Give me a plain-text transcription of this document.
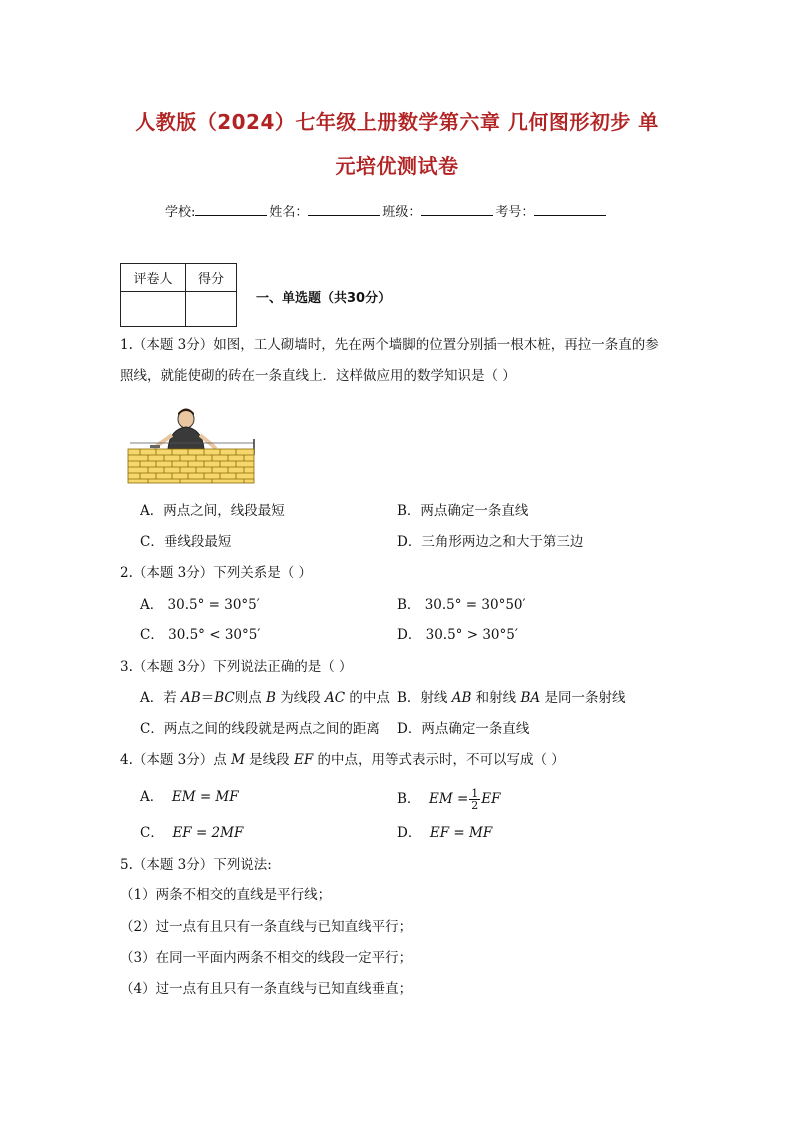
人教版（2024）七年级上册数学第六章 几何图形初步 单
元培优测试卷
学校:	姓名：	班级：	考号：
评卷人	得分

一、单选题（共30分）
1.（本题 3分）如图，工人砌墙时，先在两个墙脚的位置分别插一根木桩，再拉一条直的参
照线，就能使砌的砖在一条直线上．这样做应用的数学知识是（ ）
A．两点之间，线段最短	B．两点确定一条直线
C．垂线段最短	D．三角形两边之和大于第三边
2.（本题 3分）下列关系是（ ）
A． 30.5° = 30°5′	B． 30.5° = 30°50′
C． 30.5° < 30°5′	D． 30.5° > 30°5′
3.（本题 3分）下列说法正确的是（ ）
A．若 AB＝BC则点 B 为线段 AC 的中点 B．射线 AB 和射线 BA 是同一条射线
C．两点之间的线段就是两点之间的距离 D．两点确定一条直线
4.（本题 3分）点 M 是线段 EF 的中点，用等式表示时，不可以写成（ ）
A． EM = MF	B． EM = $\frac{1}{2}$ EF
C． EF = 2MF	D． EF = MF
5.（本题 3分）下列说法:
（1）两条不相交的直线是平行线；
（2）过一点有且只有一条直线与已知直线平行；
（3）在同一平面内两条不相交的线段一定平行；
（4）过一点有且只有一条直线与已知直线垂直；
